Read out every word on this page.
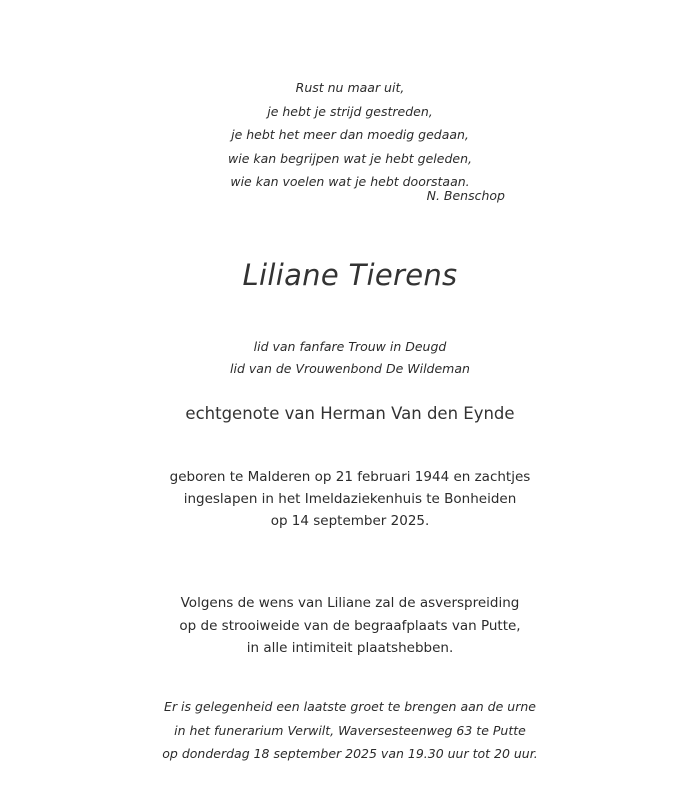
Rust nu maar uit,
je hebt je strijd gestreden,
je hebt het meer dan moedig gedaan,
wie kan begrijpen wat je hebt geleden,
wie kan voelen wat je hebt doorstaan.
N. Benschop
Liliane Tierens
lid van fanfare Trouw in Deugd
lid van de Vrouwenbond De Wildeman
echtgenote van Herman Van den Eynde
geboren te Malderen op 21 februari 1944 en zachtjes
ingeslapen in het Imeldaziekenhuis te Bonheiden
op 14 september 2025.
Volgens de wens van Liliane zal de asverspreiding
op de strooiweide van de begraafplaats van Putte,
in alle intimiteit plaatshebben.
Er is gelegenheid een laatste groet te brengen aan de urne
in het funerarium Verwilt, Waversesteenweg 63 te Putte
op donderdag 18 september 2025 van 19.30 uur tot 20 uur.
